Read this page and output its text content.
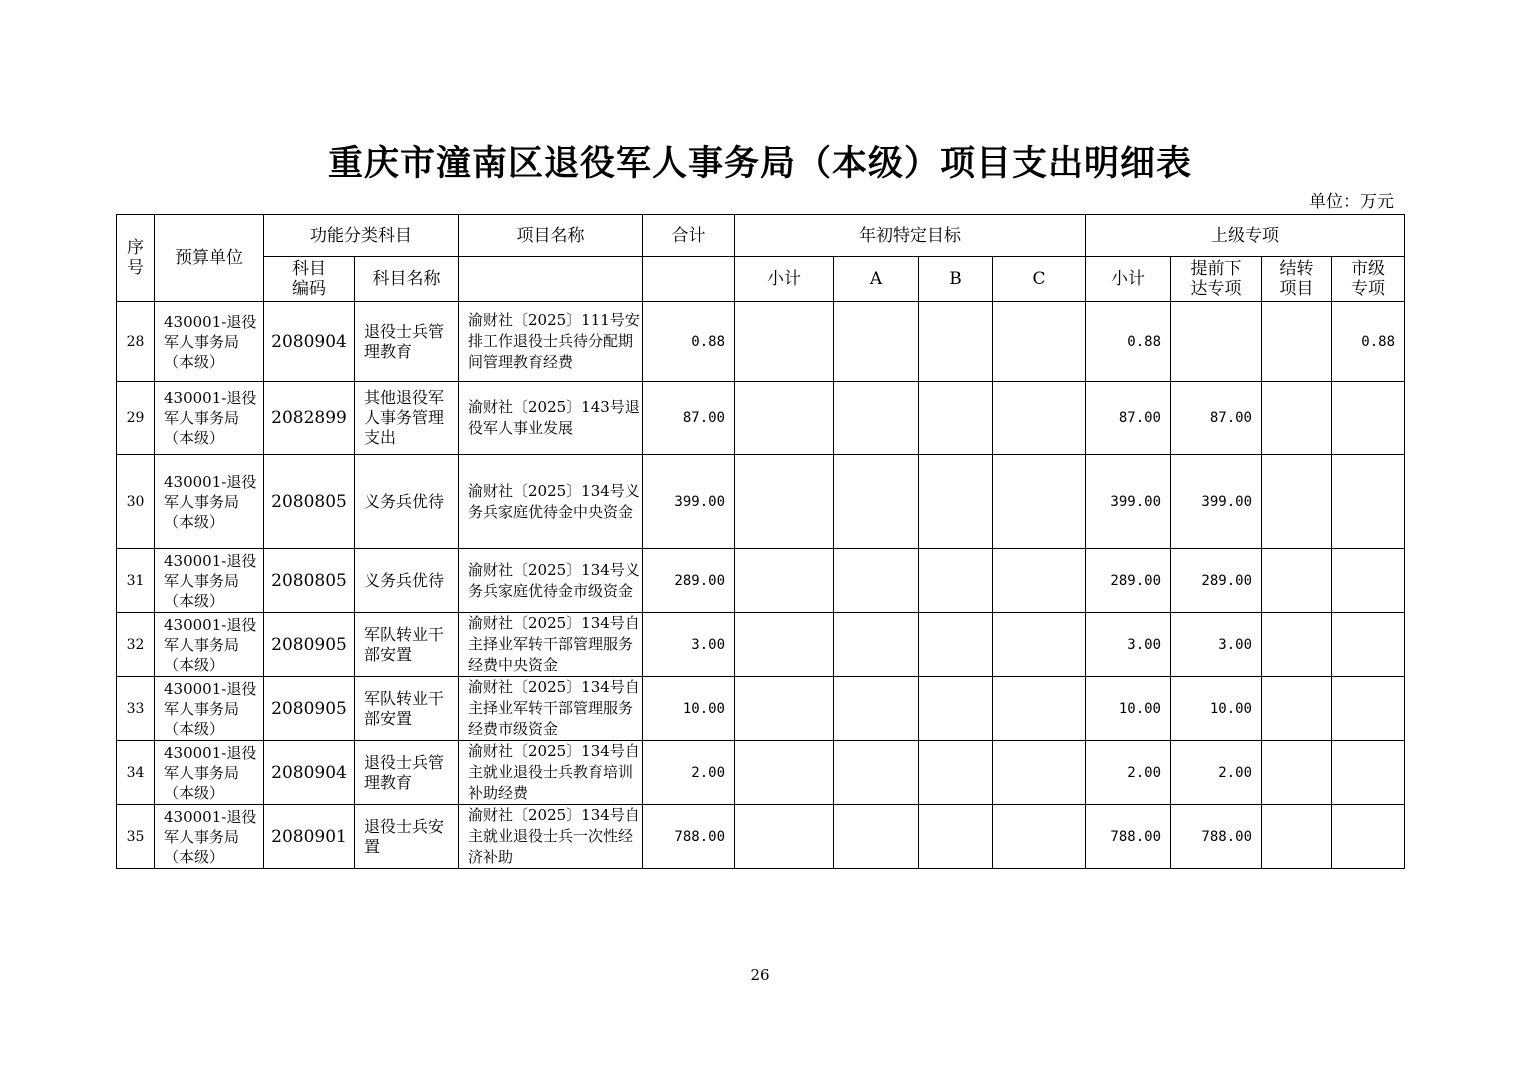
重庆市潼南区退役军人事务局（本级）项目支出明细表
单位：万元
序号	预算单位	功能分类科目		项目名称	合计	年初特定目标				上级专项			
		科目编码	科目名称			小计	A	B	C	小计	提前下达专项	结转项目	市级专项
28	430001-退役军人事务局（本级）	2080904	退役士兵管理教育	渝财社〔2025〕111号安排工作退役士兵待分配期间管理教育经费	0.88					0.88			0.88
29	430001-退役军人事务局（本级）	2082899	其他退役军人事务管理支出	渝财社〔2025〕143号退役军人事业发展	87.00					87.00	87.00		
30	430001-退役军人事务局（本级）	2080805	义务兵优待	渝财社〔2025〕134号义务兵家庭优待金中央资金	399.00					399.00	399.00		
31	430001-退役军人事务局（本级）	2080805	义务兵优待	渝财社〔2025〕134号义务兵家庭优待金市级资金	289.00					289.00	289.00		
32	430001-退役军人事务局（本级）	2080905	军队转业干部安置	渝财社〔2025〕134号自主择业军转干部管理服务经费中央资金	3.00					3.00	3.00		
33	430001-退役军人事务局（本级）	2080905	军队转业干部安置	渝财社〔2025〕134号自主择业军转干部管理服务经费市级资金	10.00					10.00	10.00		
34	430001-退役军人事务局（本级）	2080904	退役士兵管理教育	渝财社〔2025〕134号自主就业退役士兵教育培训补助经费	2.00					2.00	2.00		
35	430001-退役军人事务局（本级）	2080901	退役士兵安置	渝财社〔2025〕134号自主就业退役士兵一次性经济补助	788.00					788.00	788.00		
26
